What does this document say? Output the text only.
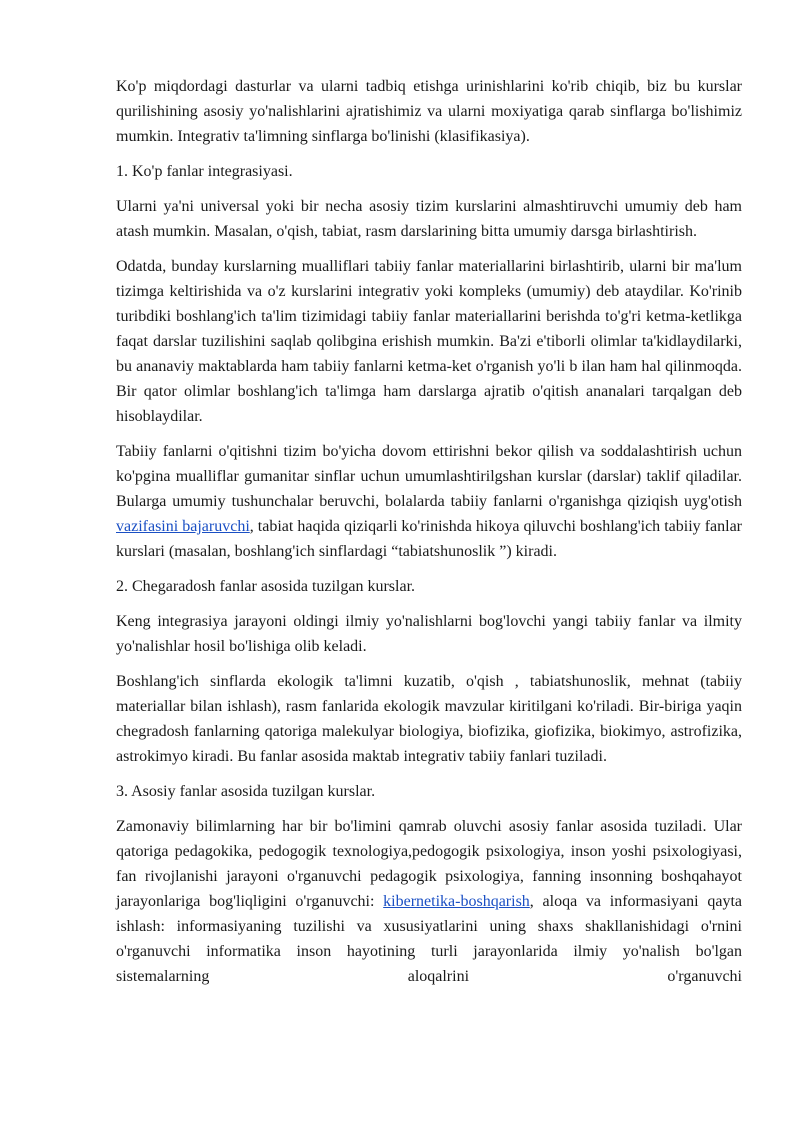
Ko'p miqdordagi dasturlar va ularni tadbiq etishga urinishlarini ko'rib chiqib, biz bu kurslar qurilishining asosiy yo'nalishlarini ajratishimiz va ularni moxiyatiga qarab sinflarga bo'lishimiz mumkin. Integrativ ta'limning sinflarga bo'linishi (klasifikasiya).

1. Ko'p fanlar integrasiyasi.

Ularni ya'ni universal yoki bir necha asosiy tizim kurslarini almashtiruvchi umumiy deb ham atash mumkin. Masalan, o'qish, tabiat, rasm darslarining bitta umumiy darsga birlashtirish.

Odatda, bunday kurslarning mualliflari tabiiy fanlar materiallarini birlashtirib, ularni bir ma'lum tizimga keltirishida va o'z kurslarini integrativ yoki kompleks (umumiy) deb ataydilar. Ko'rinib turibdiki boshlang'ich ta'lim tizimidagi tabiiy fanlar materiallarini berishda to'g'ri ketma-ketlikga faqat darslar tuzilishini saqlab qolibgina erishish mumkin. Ba'zi e'tiborli olimlar ta'kidlaydilarki, bu ananaviy maktablarda ham tabiiy fanlarni ketma-ket o'rganish yo'li b ilan ham hal qilinmoqda. Bir qator olimlar boshlang'ich ta'limga ham darslarga ajratib o'qitish ananalari tarqalgan deb hisoblaydilar.

Tabiiy fanlarni o'qitishni tizim bo'yicha dovom ettirishni bekor qilish va soddalashtirish uchun ko'pgina mualliflar gumanitar sinflar uchun umumlashtirilgshan kurslar (darslar) taklif qiladilar. Bularga umumiy tushunchalar beruvchi, bolalarda tabiiy fanlarni o'rganishga qiziqish uyg'otish vazifasini bajaruvchi, tabiat haqida qiziqarli ko'rinishda hikoya qiluvchi boshlang'ich tabiiy fanlar kurslari (masalan, boshlang'ich sinflardagi “tabiatshunoslik ”) kiradi.

2. Chegaradosh fanlar asosida tuzilgan kurslar.

Keng integrasiya jarayoni oldingi ilmiy yo'nalishlarni bog'lovchi yangi tabiiy fanlar va ilmity yo'nalishlar hosil bo'lishiga olib keladi.

Boshlang'ich sinflarda ekologik ta'limni kuzatib, o'qish , tabiatshunoslik, mehnat (tabiiy materiallar bilan ishlash), rasm fanlarida ekologik mavzular kiritilgani ko'riladi. Bir-biriga yaqin chegradosh fanlarning qatoriga malekulyar biologiya, biofizika, giofizika, biokimyo, astrofizika, astrokimyo kiradi. Bu fanlar asosida maktab integrativ tabiiy fanlari tuziladi.

3. Asosiy fanlar asosida tuzilgan kurslar.

Zamonaviy bilimlarning har bir bo'limini qamrab oluvchi asosiy fanlar asosida tuziladi. Ular qatoriga pedagokika, pedogogik texnologiya,pedogogik psixologiya, inson yoshi psixologiyasi, fan rivojlanishi jarayoni o'rganuvchi pedagogik psixologiya, fanning insonning boshqahayot jarayonlariga bog'liqligini o'rganuvchi: kibernetika-boshqarish, aloqa va informasiyani qayta ishlash: informasiyaning tuzilishi va xususiyatlarini uning shaxs shakllanishidagi o'rnini o'rganuvchi informatika inson hayotining turli jarayonlarida ilmiy yo'nalish bo'lgan sistemalarning aloqalrini o'rganuvchi
